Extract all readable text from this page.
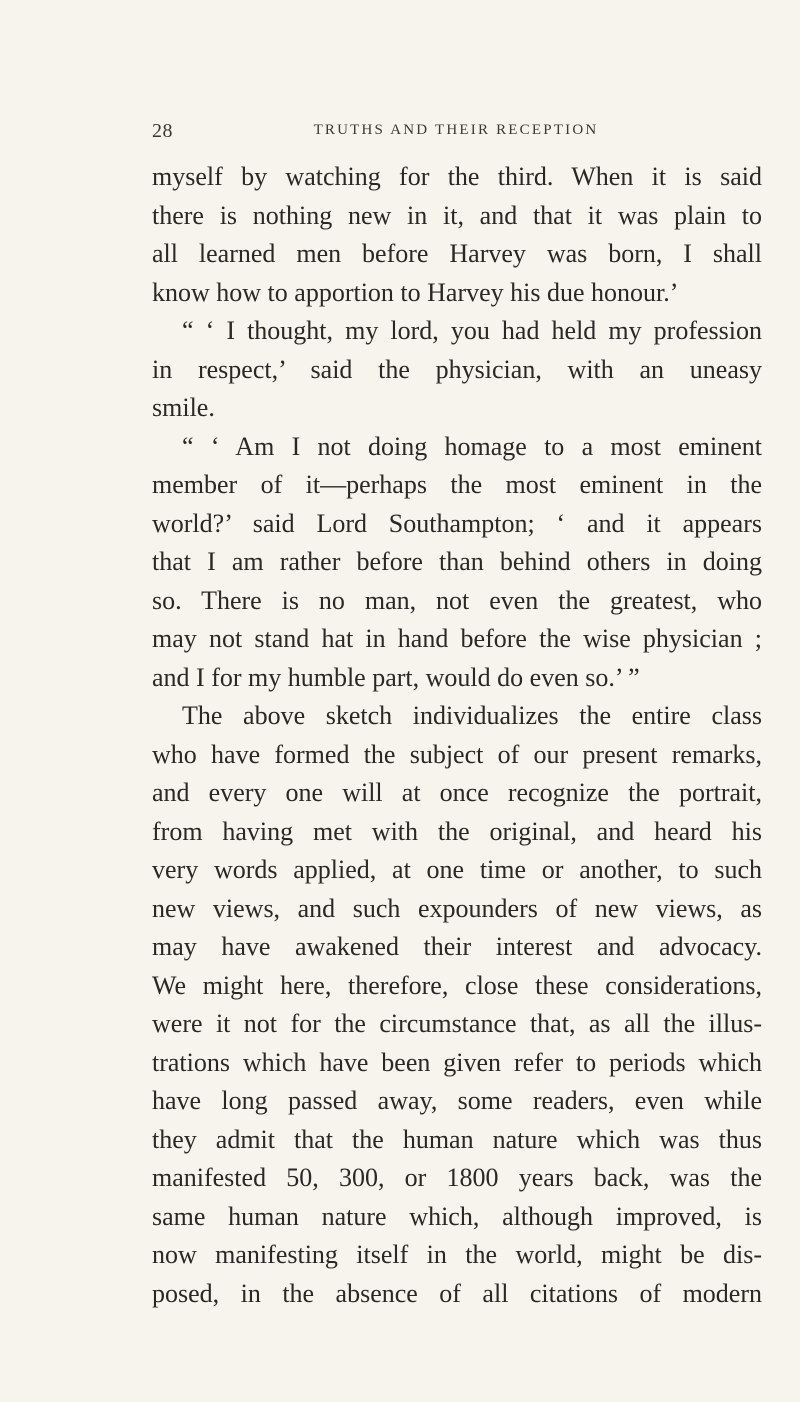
28	TRUTHS AND THEIR RECEPTION
myself by watching for the third. When it is said
there is nothing new in it, and that it was plain to
all learned men before Harvey was born, I shall
know how to apportion to Harvey his due honour.’
“ ‘ I thought, my lord, you had held my profession
in respect,’ said the physician, with an uneasy
smile.
“ ‘ Am I not doing homage to a most eminent
member of it—perhaps the most eminent in the
world?’ said Lord Southampton; ‘ and it appears
that I am rather before than behind others in doing
so. There is no man, not even the greatest, who
may not stand hat in hand before the wise physician ;
and I for my humble part, would do even so.’ ”
The above sketch individualizes the entire class
who have formed the subject of our present remarks,
and every one will at once recognize the portrait,
from having met with the original, and heard his
very words applied, at one time or another, to such
new views, and such expounders of new views, as
may have awakened their interest and advocacy.
We might here, therefore, close these considerations,
were it not for the circumstance that, as all the illus-
trations which have been given refer to periods which
have long passed away, some readers, even while
they admit that the human nature which was thus
manifested 50, 300, or 1800 years back, was the
same human nature which, although improved, is
now manifesting itself in the world, might be dis-
posed, in the absence of all citations of modern
